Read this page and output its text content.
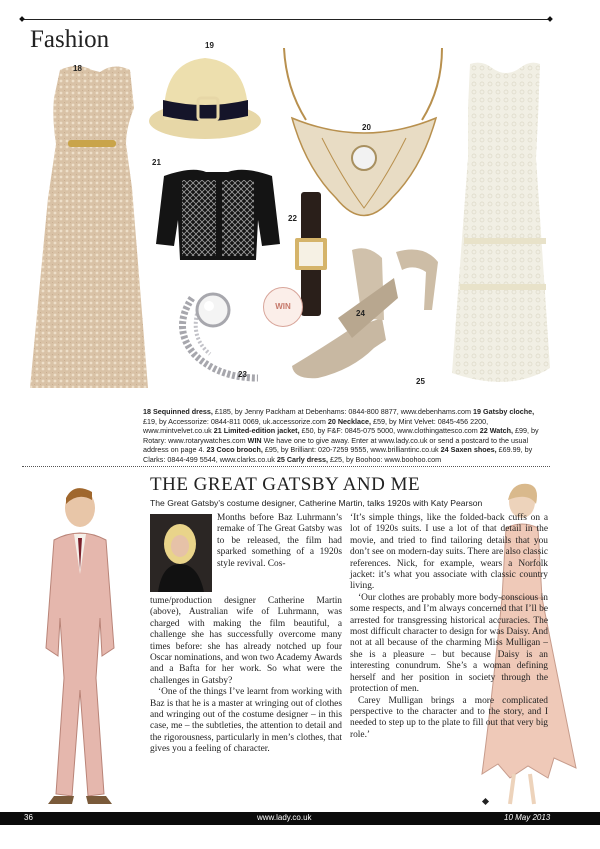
Fashion
18
19
20
21
22
23
24
25
WIN
18 Sequinned dress, £185, by Jenny Packham at Debenhams: 0844-800 8877, www.debenhams.com 19 Gatsby cloche, £19, by Accessorize: 0844-811 0069, uk.accessorize.com 20 Necklace, £59, by Mint Velvet: 0845-456 2200, www.mintvelvet.co.uk 21 Limited-edition jacket, £50, by F&F: 0845-075 5000, www.clothingattesco.com 22 Watch, £99, by Rotary: www.rotarywatches.com WIN We have one to give away. Enter at www.lady.co.uk or send a postcard to the usual address on page 4. 23 Coco brooch, £95, by Brilliant: 020-7259 9555, www.brilliantinc.co.uk 24 Saxen shoes, £69.99, by Clarks: 0844-499 5544, www.clarks.co.uk 25 Carly dress, £25, by Boohoo: www.boohoo.com
THE GREAT GATSBY AND ME
The Great Gatsby’s costume designer, Catherine Martin, talks 1920s with Katy Pearson

Months before Baz Luhrmann’s remake of The Great Gatsby was to be released, the film had sparked something of a 1920s style revival. Cos-

tume/production designer Catherine Martin (above), Australian wife of Luhrmann, was charged with making the film beautiful, a challenge she has successfully overcome many times before: she has already notched up four Oscar nominations, and won two Academy Awards and a Bafta for her work. So what were the challenges in Gatsby?

‘One of the things I’ve learnt from working with Baz is that he is a master at wringing out of clothes and wringing out of the costume designer – in this case, me – the subtleties, the attention to detail and the rigorousness, particularly in men’s clothes, that gives you a feeling of character.

‘It’s simple things, like the folded-back cuffs on a lot of 1920s suits. I use a lot of that detail in the movie, and tried to find tailoring details that you don’t see on modern-day suits. There are also classic references. Nick, for example, wears a Norfolk jacket: it’s what you associate with classic country living.

‘Our clothes are probably more body-conscious in some respects, and I’m always concerned that I’ll be arrested for transgressing historical accuracies. The most difficult character to design for was Daisy. And not at all because of the charming Miss Mulligan – she is a pleasure – but because Daisy is an interesting conundrum. She’s a woman defining herself and her position in society through the protection of men.

Carey Mulligan brings a more complicated perspective to the character and to the story, and I needed to step up to the plate to fill out that very big role.’

36	www.lady.co.uk	10 May 2013
